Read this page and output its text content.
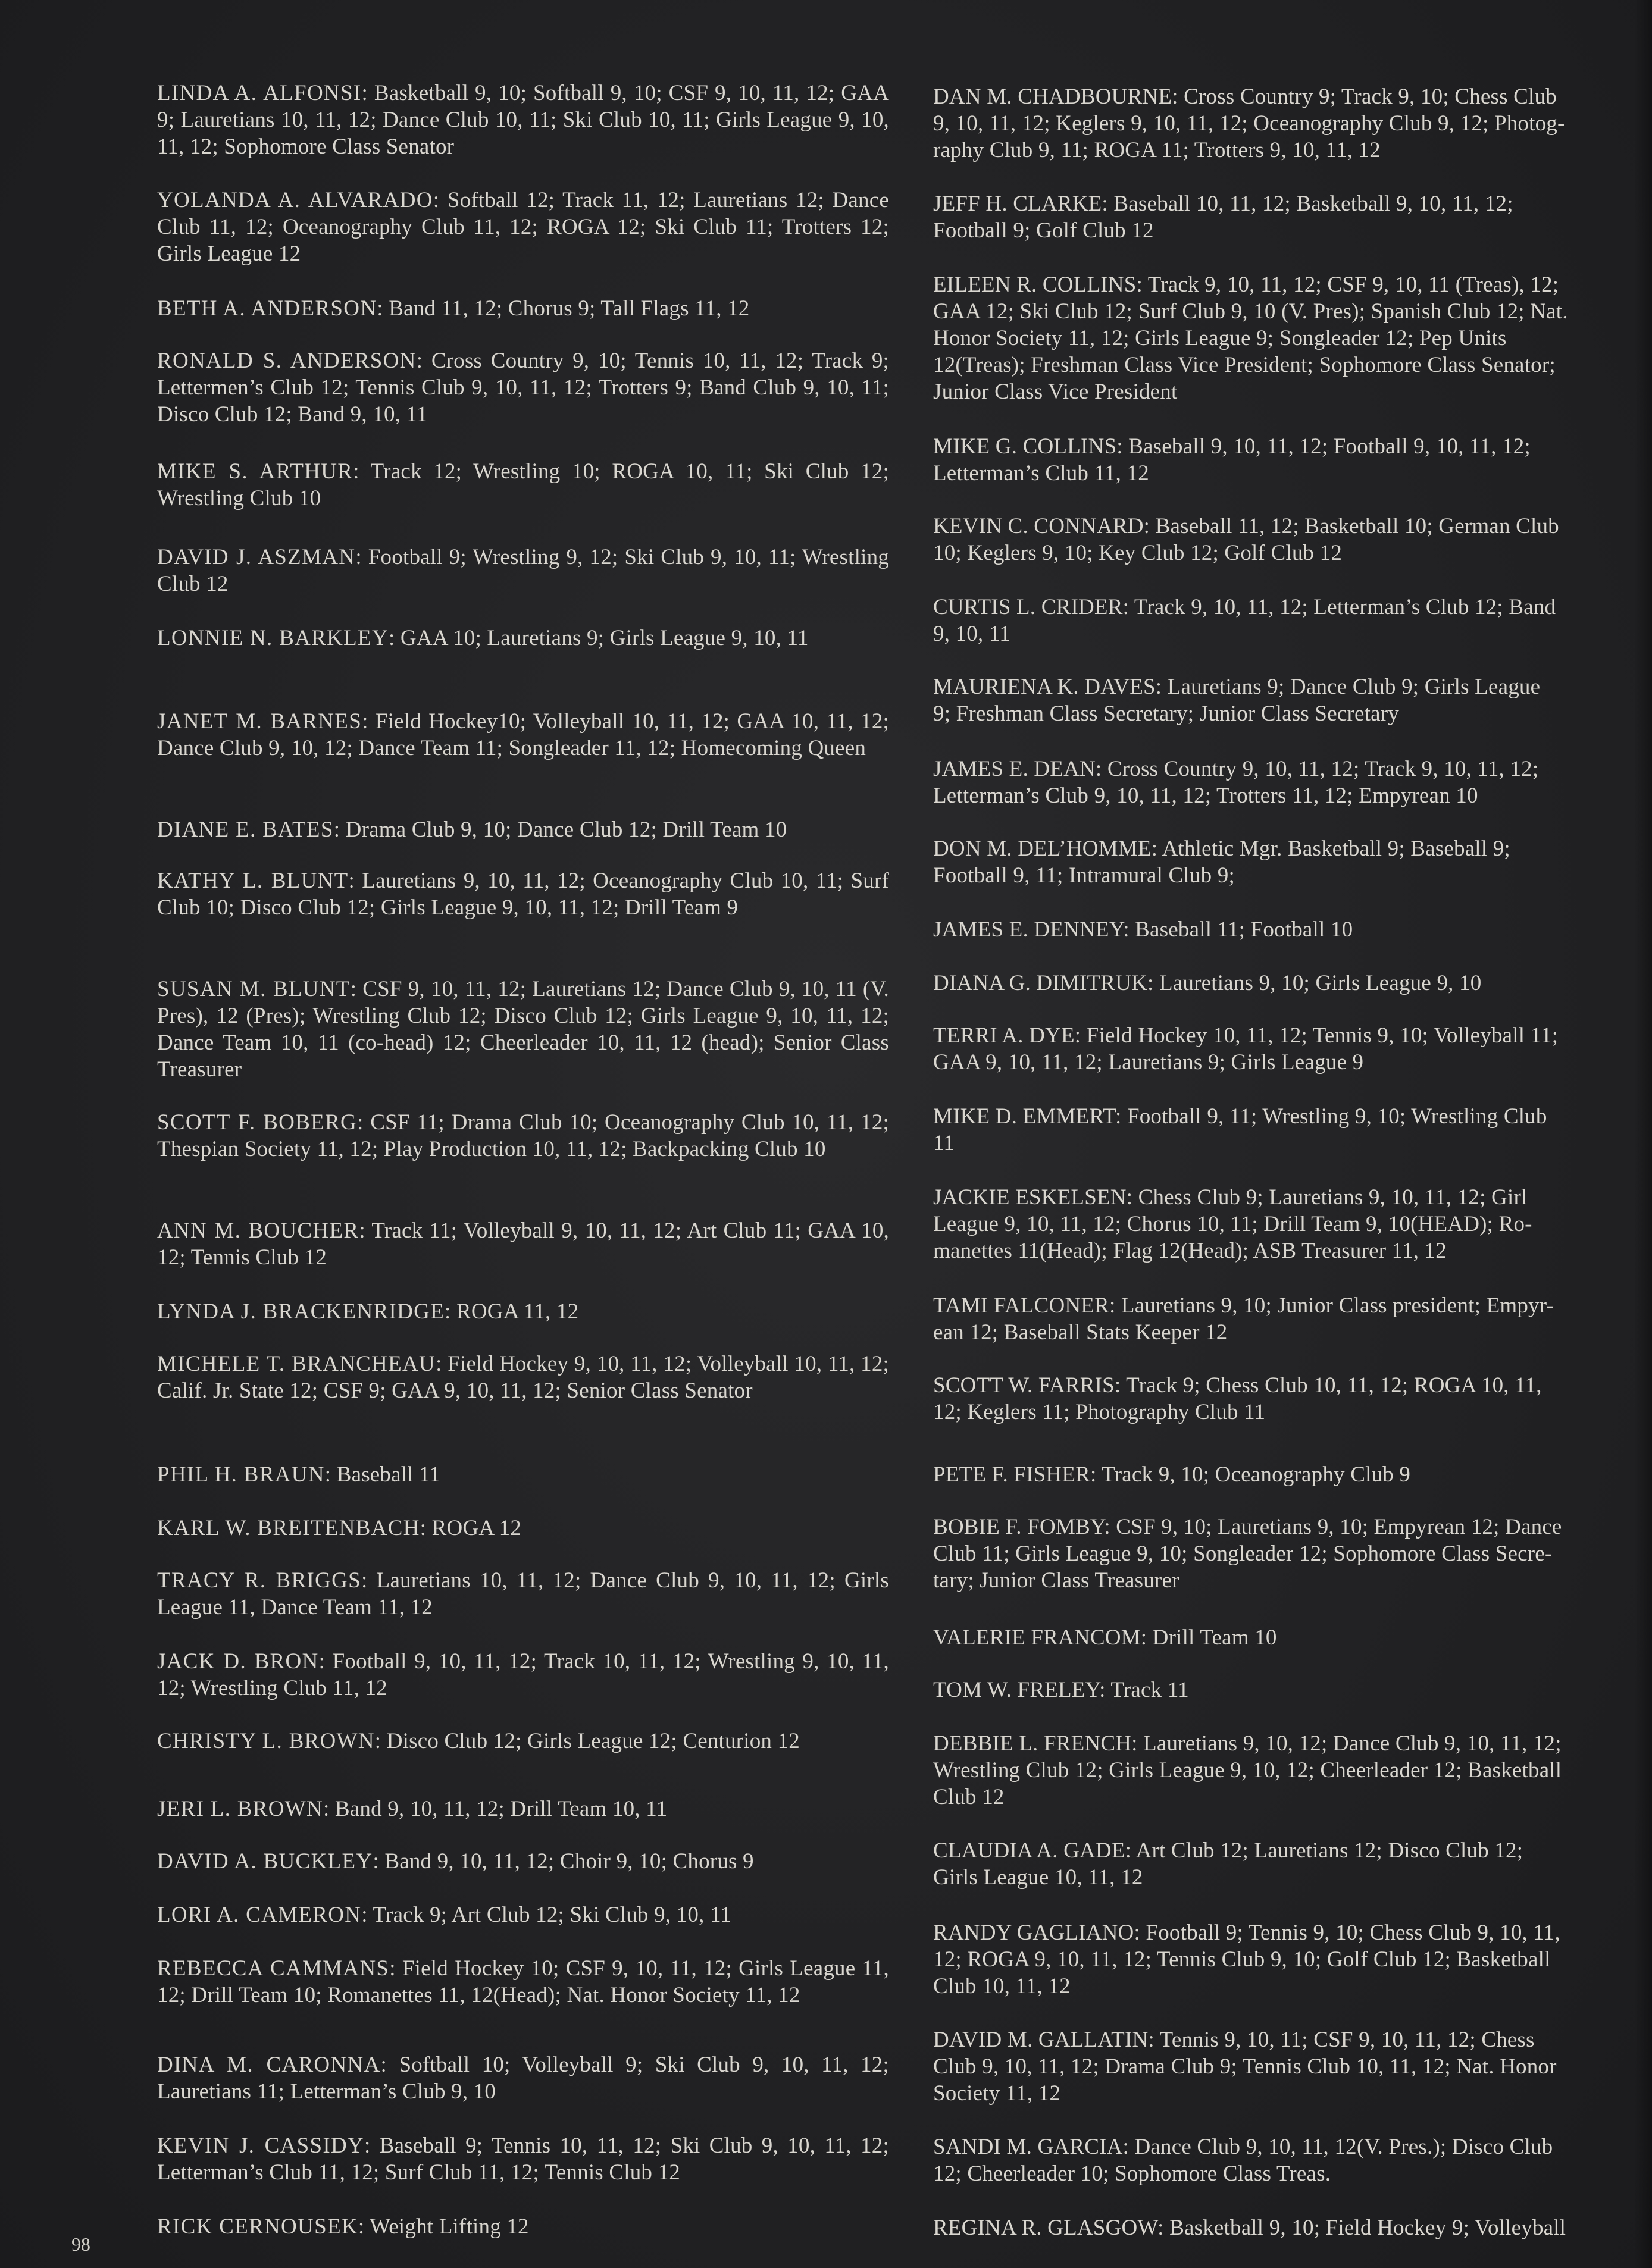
LINDA A. ALFONSI: Basketball 9, 10; Softball 9, 10; CSF 9, 10, 11, 12; GAA 9; Lauretians 10, 11, 12; Dance Club 10, 11; Ski Club 10, 11; Girls League 9, 10, 11, 12; Sophomore Class Senator

YOLANDA A. ALVARADO: Softball 12; Track 11, 12; Lauretians 12; Dance Club 11, 12; Oceanography Club 11, 12; ROGA 12; Ski Club 11; Trotters 12; Girls League 12

BETH A. ANDERSON: Band 11, 12; Chorus 9; Tall Flags 11, 12

RONALD S. ANDERSON: Cross Country 9, 10; Tennis 10, 11, 12; Track 9; Lettermen’s Club 12; Tennis Club 9, 10, 11, 12; Trotters 9; Band Club 9, 10, 11; Disco Club 12; Band 9, 10, 11

MIKE S. ARTHUR: Track 12; Wrestling 10; ROGA 10, 11; Ski Club 12; Wrestling Club 10

DAVID J. ASZMAN: Football 9; Wrestling 9, 12; Ski Club 9, 10, 11; Wrestling Club 12

LONNIE N. BARKLEY: GAA 10; Lauretians 9; Girls League 9, 10, 11

JANET M. BARNES: Field Hockey10; Volleyball 10, 11, 12; GAA 10, 11, 12; Dance Club 9, 10, 12; Dance Team 11; Songleader 11, 12; Homecoming Queen

DIANE E. BATES: Drama Club 9, 10; Dance Club 12; Drill Team 10

KATHY L. BLUNT: Lauretians 9, 10, 11, 12; Oceanography Club 10, 11; Surf Club 10; Disco Club 12; Girls League 9, 10, 11, 12; Drill Team 9

SUSAN M. BLUNT: CSF 9, 10, 11, 12; Lauretians 12; Dance Club 9, 10, 11 (V. Pres), 12 (Pres); Wrestling Club 12; Disco Club 12; Girls League 9, 10, 11, 12; Dance Team 10, 11 (co-head) 12; Cheerleader 10, 11, 12 (head); Senior Class Treasurer

SCOTT F. BOBERG: CSF 11; Drama Club 10; Oceanography Club 10, 11, 12; Thespian Society 11, 12; Play Production 10, 11, 12; Backpacking Club 10

ANN M. BOUCHER: Track 11; Volleyball 9, 10, 11, 12; Art Club 11; GAA 10, 12; Tennis Club 12

LYNDA J. BRACKENRIDGE: ROGA 11, 12

MICHELE T. BRANCHEAU: Field Hockey 9, 10, 11, 12; Volleyball 10, 11, 12; Calif. Jr. State 12; CSF 9; GAA 9, 10, 11, 12; Senior Class Senator

PHIL H. BRAUN: Baseball 11

KARL W. BREITENBACH: ROGA 12

TRACY R. BRIGGS: Lauretians 10, 11, 12; Dance Club 9, 10, 11, 12; Girls League 11, Dance Team 11, 12

JACK D. BRON: Football 9, 10, 11, 12; Track 10, 11, 12; Wrestling 9, 10, 11, 12; Wrestling Club 11, 12

CHRISTY L. BROWN: Disco Club 12; Girls League 12; Centurion 12

JERI L. BROWN: Band 9, 10, 11, 12; Drill Team 10, 11

DAVID A. BUCKLEY: Band 9, 10, 11, 12; Choir 9, 10; Chorus 9

LORI A. CAMERON: Track 9; Art Club 12; Ski Club 9, 10, 11

REBECCA CAMMANS: Field Hockey 10; CSF 9, 10, 11, 12; Girls League 11, 12; Drill Team 10; Romanettes 11, 12(Head); Nat. Honor Society 11, 12

DINA M. CARONNA: Softball 10; Volleyball 9; Ski Club 9, 10, 11, 12; Lauretians 11; Letterman’s Club 9, 10

KEVIN J. CASSIDY: Baseball 9; Tennis 10, 11, 12; Ski Club 9, 10, 11, 12; Letterman’s Club 11, 12; Surf Club 11, 12; Tennis Club 12

RICK CERNOUSEK: Weight Lifting 12

DAN M. CHADBOURNE: Cross Country 9; Track 9, 10; Chess Club
9, 10, 11, 12; Keglers 9, 10, 11, 12; Oceanography Club 9, 12; Photog-
raphy Club 9, 11; ROGA 11; Trotters 9, 10, 11, 12

JEFF H. CLARKE: Baseball 10, 11, 12; Basketball 9, 10, 11, 12;
Football 9; Golf Club 12

EILEEN R. COLLINS: Track 9, 10, 11, 12; CSF 9, 10, 11 (Treas), 12;
GAA 12; Ski Club 12; Surf Club 9, 10 (V. Pres); Spanish Club 12; Nat.
Honor Society 11, 12; Girls League 9; Songleader 12; Pep Units
12(Treas); Freshman Class Vice President; Sophomore Class Senator;
Junior Class Vice President

MIKE G. COLLINS: Baseball 9, 10, 11, 12; Football 9, 10, 11, 12;
Letterman’s Club 11, 12

KEVIN C. CONNARD: Baseball 11, 12; Basketball 10; German Club
10; Keglers 9, 10; Key Club 12; Golf Club 12

CURTIS L. CRIDER: Track 9, 10, 11, 12; Letterman’s Club 12; Band
9, 10, 11

MAURIENA K. DAVES: Lauretians 9; Dance Club 9; Girls League
9; Freshman Class Secretary; Junior Class Secretary

JAMES E. DEAN: Cross Country 9, 10, 11, 12; Track 9, 10, 11, 12;
Letterman’s Club 9, 10, 11, 12; Trotters 11, 12; Empyrean 10

DON M. DEL’HOMME: Athletic Mgr. Basketball 9; Baseball 9;
Football 9, 11; Intramural Club 9;

JAMES E. DENNEY: Baseball 11; Football 10

DIANA G. DIMITRUK: Lauretians 9, 10; Girls League 9, 10

TERRI A. DYE: Field Hockey 10, 11, 12; Tennis 9, 10; Volleyball 11;
GAA 9, 10, 11, 12; Lauretians 9; Girls League 9

MIKE D. EMMERT: Football 9, 11; Wrestling 9, 10; Wrestling Club
11

JACKIE ESKELSEN: Chess Club 9; Lauretians 9, 10, 11, 12; Girl
League 9, 10, 11, 12; Chorus 10, 11; Drill Team 9, 10(HEAD); Ro-
manettes 11(Head); Flag 12(Head); ASB Treasurer 11, 12

TAMI FALCONER: Lauretians 9, 10; Junior Class president; Empyr-
ean 12; Baseball Stats Keeper 12

SCOTT W. FARRIS: Track 9; Chess Club 10, 11, 12; ROGA 10, 11,
12; Keglers 11; Photography Club 11

PETE F. FISHER: Track 9, 10; Oceanography Club 9

BOBIE F. FOMBY: CSF 9, 10; Lauretians 9, 10; Empyrean 12; Dance
Club 11; Girls League 9, 10; Songleader 12; Sophomore Class Secre-
tary; Junior Class Treasurer

VALERIE FRANCOM: Drill Team 10

TOM W. FRELEY: Track 11

DEBBIE L. FRENCH: Lauretians 9, 10, 12; Dance Club 9, 10, 11, 12;
Wrestling Club 12; Girls League 9, 10, 12; Cheerleader 12; Basketball
Club 12

CLAUDIA A. GADE: Art Club 12; Lauretians 12; Disco Club 12;
Girls League 10, 11, 12

RANDY GAGLIANO: Football 9; Tennis 9, 10; Chess Club 9, 10, 11,
12; ROGA 9, 10, 11, 12; Tennis Club 9, 10; Golf Club 12; Basketball
Club 10, 11, 12

DAVID M. GALLATIN: Tennis 9, 10, 11; CSF 9, 10, 11, 12; Chess
Club 9, 10, 11, 12; Drama Club 9; Tennis Club 10, 11, 12; Nat. Honor
Society 11, 12

SANDI M. GARCIA: Dance Club 9, 10, 11, 12(V. Pres.); Disco Club
12; Cheerleader 10; Sophomore Class Treas.

REGINA R. GLASGOW: Basketball 9, 10; Field Hockey 9; Volleyball

98
